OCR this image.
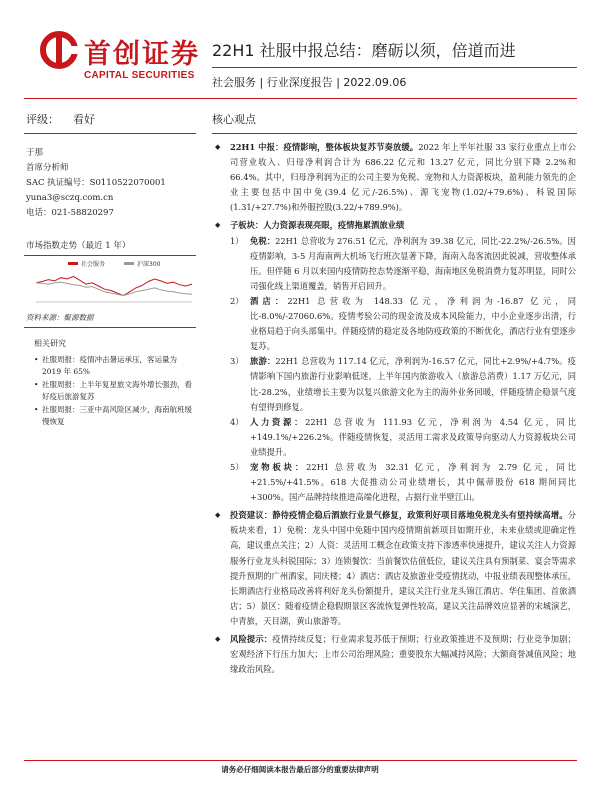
首创证券
CAPITAL SECURITIES
22H1 社服中报总结：磨砺以须，倍道而进
社会服务 | 行业深度报告 | 2022.09.06
评级： 看好
于那
首席分析师
SAC 执证编号：S0110522070001
yuna3@sczq.com.cn
电话：021-58820297
市场指数走势（最近 1 年）
社会服务	沪深300
资料来源：聚源数据
相关研究
• 社服周报：疫情冲击暑运承压，客运量为 2019 年 65%
• 社服周报：上半年复星旅文海外增长强劲，看好疫后旅游复苏
• 社服周报：三亚中高风险区减少，海南航班缓慢恢复
核心观点
◆ 22H1 中报：疫情影响，整体板块复苏节奏放缓。2022 年上半年社服 33 家行业重点上市公司营业收入、归母净利润合计为 686.22 亿元和 13.27 亿元，同比分别下降 2.2%和 66.4%。其中，归母净利润为正的公司主要为免税、宠物和人力资源板块，盈利能力领先的企业主要包括中国中免(39.4 亿元/-26.5%)、源飞宠物(1.02/+79.6%)、科锐国际(1.31/+27.7%)和外服控股(3.22/+789.9%)。
◆ 子板块：人力资源表现亮眼，疫情拖累酒旅业绩
1） 免税：22H1 总营收为 276.51 亿元，净利润为 39.38 亿元，同比-22.2%/-26.5%。因疫情影响，3-5 月海南两大机场飞行班次显著下降，海南入岛客流因此锐减，营收整体承压。但伴随 6 月以来国内疫情防控态势逐渐平稳，海南地区免税消费力复苏明显，同时公司强化线上渠道覆盖，销售开启回升。
2） 酒店：22H1 总营收为 148.33 亿元，净利润为-16.87 亿元，同比-8.0%/-27060.6%。疫情考验公司的现金流及成本风险能力，中小企业逐步出清，行业格局趋于向头部集中。伴随疫情的稳定及各地防疫政策的不断优化，酒店行业有望逐步复苏。
3） 旅游：22H1 总营收为 117.14 亿元，净利润为-16.57 亿元，同比+2.9%/+4.7%。疫情影响下国内旅游行业影响低迷，上半年国内旅游收入（旅游总消费）1.17 万亿元，同比-28.2%，业绩增长主要为以复兴旅游文化为主的海外业务回暖，伴随疫情企稳景气度有望得到修复。
4） 人力资源：22H1 总营收为 111.93 亿元，净利润为 4.54 亿元，同比+149.1%/+226.2%。伴随疫情恢复，灵活用工需求及政策导向驱动人力资源板块公司业绩提升。
5） 宠物板块：22H1 总营收为 32.31 亿元，净利润为 2.79 亿元，同比+21.5%/+41.5%。618 大促推动公司业绩增长，其中佩蒂股份 618 期间同比+300%。国产品牌持续推进高端化进程，占据行业半壁江山。
◆ 投资建议：静待疫情企稳后酒旅行业景气修复，政策利好项目落地免税龙头有望持续高增。分板块来看，1）免税：龙头中国中免随中国内疫情期前新项目如期开业，未来业绩或迎确定性高，建议重点关注；2）人资：灵活用工概念在政策支持下渗透率快速提升，建议关注人力资源服务行业龙头科锐国际；3）连锁餐饮：当前餐饮估值低位，建议关注具有预制菜、宴会等需求提升预期的广州酒家，同庆楼；4）酒店：酒店及旅游业受疫情扰动，中报业绩表现整体承压，长期酒店行业格局改善将利好龙头份额提升，建议关注行业龙头锦江酒店、华住集团、首旅酒店；5）景区：随着疫情企稳假期景区客流恢复弹性较高，建议关注品牌效应显著的宋城演艺，中青旅，天目湖，黄山旅游等。
◆ 风险提示：疫情持续反复；行业需求复苏低于预期；行业政策推进不及预期；行业竞争加剧；宏观经济下行压力加大；上市公司治理风险；重要股东大幅减持风险；大额商誉减值风险；地缘政治风险。
请务必仔细阅读本报告最后部分的重要法律声明
